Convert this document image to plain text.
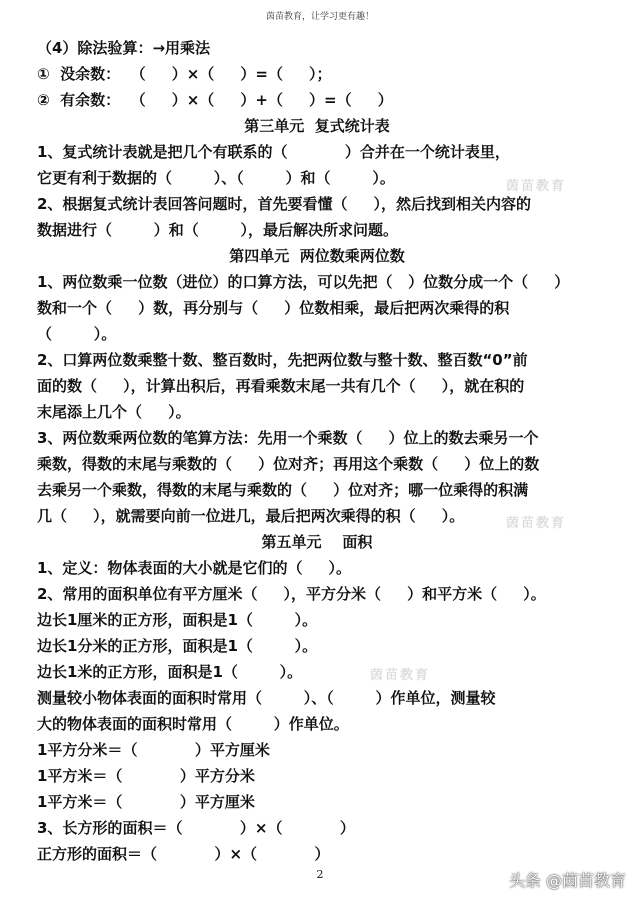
茵苗教育，让学习更有趣！
（4）除法验算：→用乘法
①  没余数：  （     ）×（     ）=（     ）；
②  有余数：  （     ）×（     ）+（     ）=（     ）
第三单元  复式统计表
1、复式统计表就是把几个有联系的（           ）合并在一个统计表里，
它更有利于数据的（        ）、（        ）和（        ）。
2、根据复式统计表回答问题时，首先要看懂（     ），然后找到相关内容的
数据进行（        ）和（        ），最后解决所求问题。
第四单元  两位数乘两位数
1、两位数乘一位数（进位）的口算方法，可以先把（   ）位数分成一个（     ）
数和一个（     ）数，再分别与（     ）位数相乘，最后把两次乘得的积
（        ）。
2、口算两位数乘整十数、整百数时，先把两位数与整十数、整百数“0”前
面的数（     ），计算出积后，再看乘数末尾一共有几个（     ），就在积的
末尾添上几个（     ）。
3、两位数乘两位数的笔算方法：先用一个乘数（     ）位上的数去乘另一个
乘数，得数的末尾与乘数的（     ）位对齐；再用这个乘数（     ）位上的数
去乘另一个乘数，得数的末尾与乘数的（     ）位对齐；哪一位乘得的积满
几（     ），就需要向前一位进几，最后把两次乘得的积（     ）。
第五单元    面积
1、定义：物体表面的大小就是它们的（     ）。
2、常用的面积单位有平方厘米（     ），平方分米（     ）和平方米（     ）。
边长1厘米的正方形，面积是1（        ）。
边长1分米的正方形，面积是1（        ）。
边长1米的正方形，面积是1（        ）。
测量较小物体表面的面积时常用（        ）、（        ）作单位，测量较
大的物体表面的面积时常用（        ）作单位。
1平方分米＝（           ）平方厘米
1平方米＝（           ）平方分米
1平方米＝（           ）平方厘米
3、长方形的面积＝（           ）×（           ）
正方形的面积＝（           ）×（           ）
茵苗教育
茵苗教育
茵苗教育
2	头条 @茵苗教育
